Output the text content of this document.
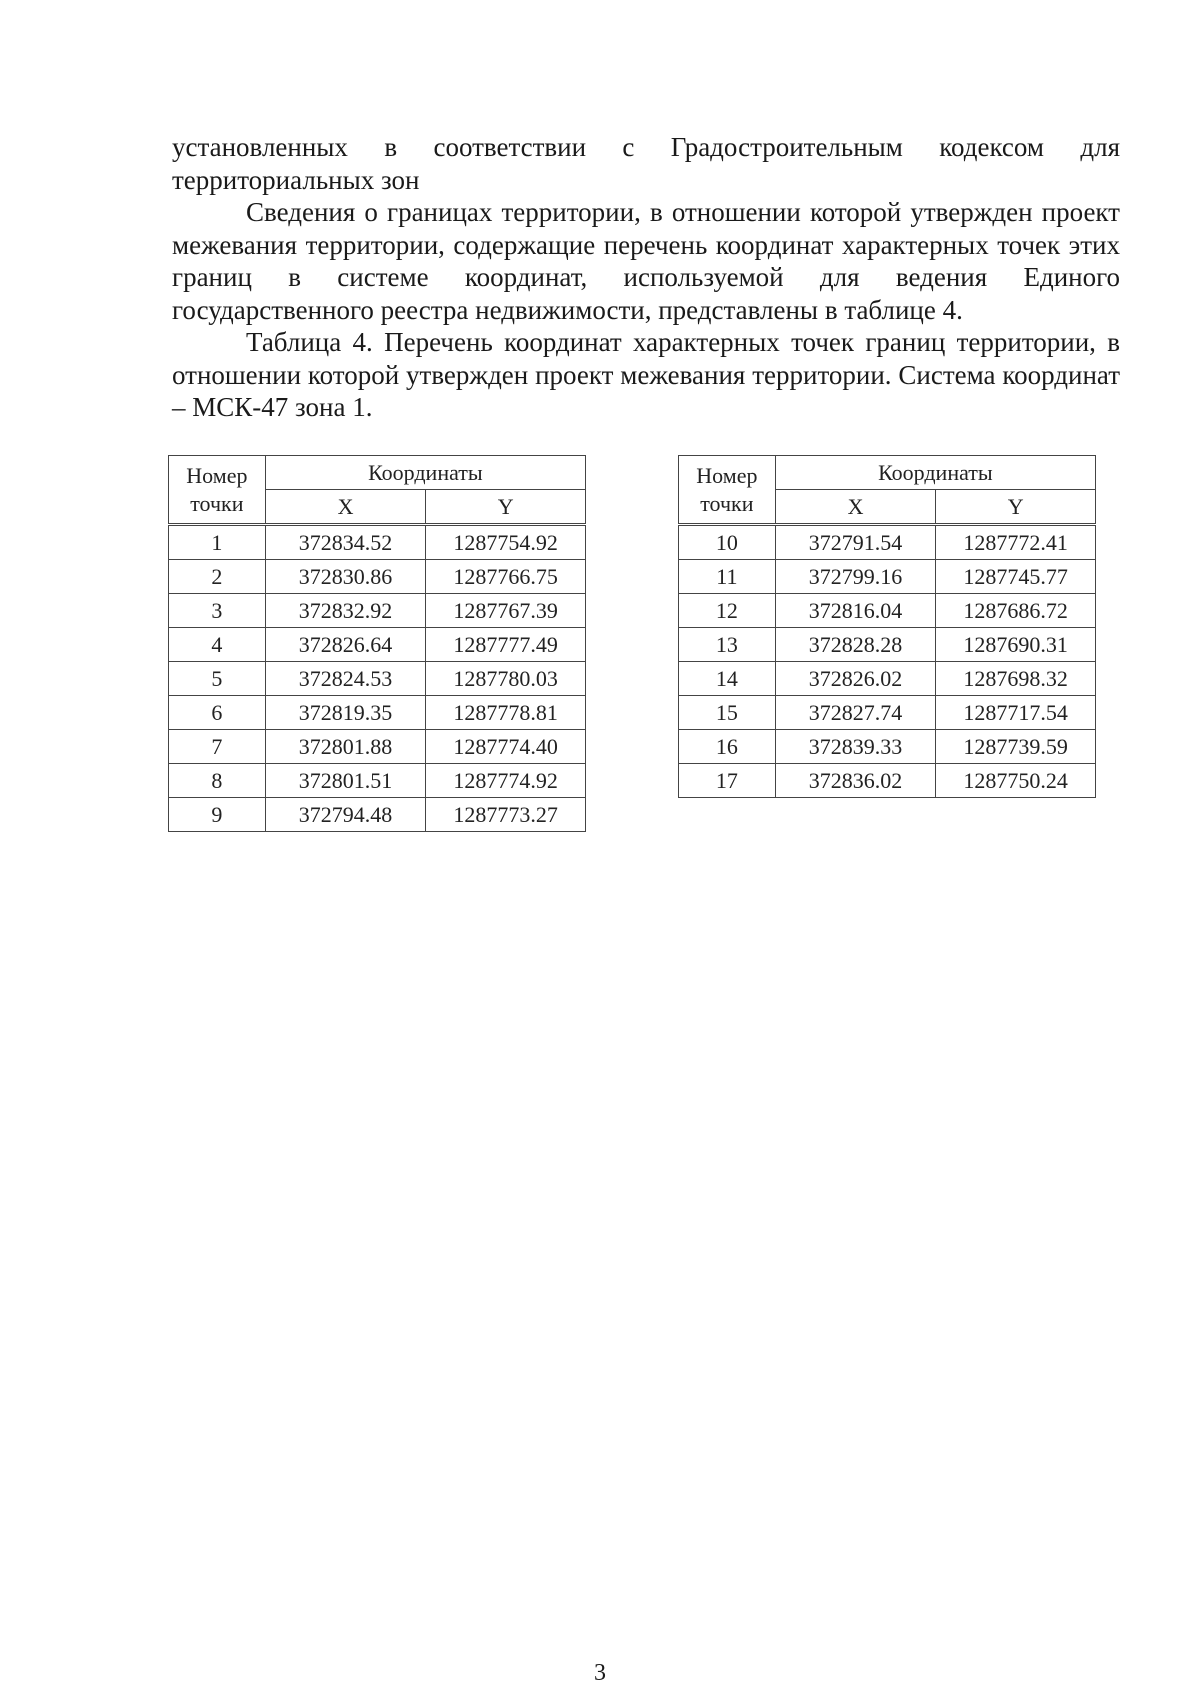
установленных в соответствии с Градостроительным кодексом для территориальных зон

Сведения о границах территории, в отношении которой утвержден проект межевания территории, содержащие перечень координат характерных точек этих границ в системе координат, используемой для ведения Единого государственного реестра недвижимости, представлены в таблице 4.

Таблица 4. Перечень координат характерных точек границ территории, в отношении которой утвержден проект межевания территории. Система координат – МСК-47 зона 1.

Номер точки	Координаты	
	X	Y
1	372834.52	1287754.92
2	372830.86	1287766.75
3	372832.92	1287767.39
4	372826.64	1287777.49
5	372824.53	1287780.03
6	372819.35	1287778.81
7	372801.88	1287774.40
8	372801.51	1287774.92
9	372794.48	1287773.27
Номер точки	Координаты	
	X	Y
10	372791.54	1287772.41
11	372799.16	1287745.77
12	372816.04	1287686.72
13	372828.28	1287690.31
14	372826.02	1287698.32
15	372827.74	1287717.54
16	372839.33	1287739.59
17	372836.02	1287750.24
3
